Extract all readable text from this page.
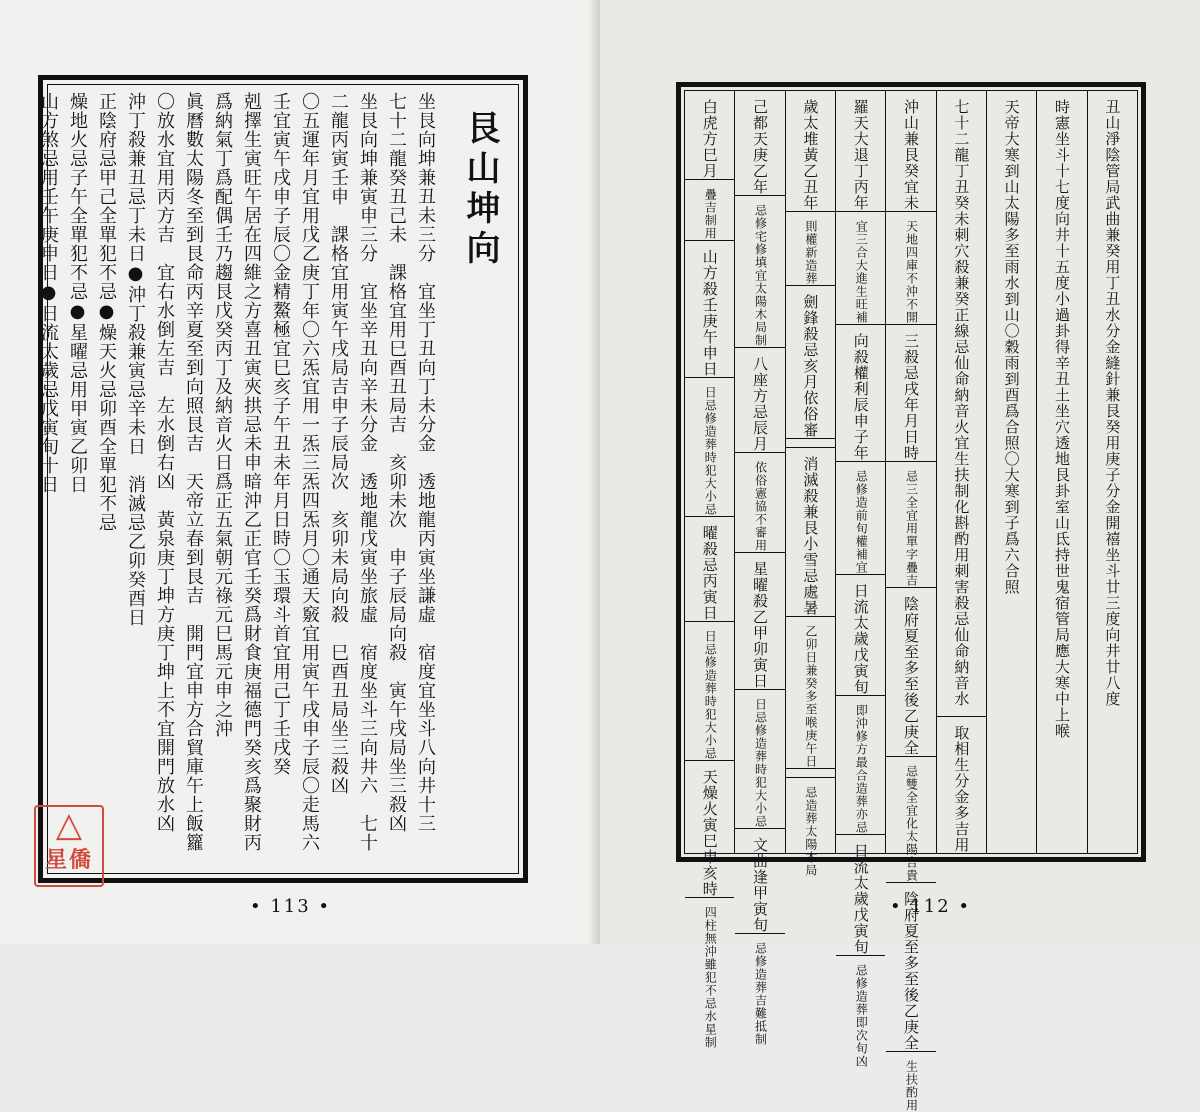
艮山坤向
坐艮向坤兼丑未三分　宜坐丁丑向丁未分金　透地龍丙寅坐謙虛　宿度宜坐斗八向井十三
七十二龍癸丑己未　課格宜用巳酉丑局吉　亥卯未次　申子辰局向殺　寅午戌局坐三殺凶
坐艮向坤兼寅申三分　宜坐辛丑向辛未分金　透地龍戊寅坐旅虛　宿度坐斗三向井六　七十
二龍丙寅壬申　課格宜用寅午戌局吉申子辰局次　亥卯未局向殺　巳酉丑局坐三殺凶
〇五運年月宜用戊乙庚丁年〇六炁宜用一炁三炁四炁月〇通天竅宜用寅午戌申子辰〇走馬六
壬宜寅午戌申子辰〇金精鰲極宜巳亥子午丑未年月日時〇玉環斗首宜用己丁壬戌癸
剋擇生寅旺午居在四維之方喜丑寅夾拱忌未申暗沖乙正官壬癸爲財食庚福德門癸亥爲聚財丙
爲納氣丁爲配偶壬乃趨艮戊癸丙丁及納音火日爲正五氣朝元祿元巳馬元申之沖
眞曆數太陽冬至到艮命丙辛夏至到向照艮吉　天帝立春到艮吉　開門宜申方合貿庫午上飯籮
〇放水宜用丙方吉　宜右水倒左吉　左水倒右凶　黃泉庚丁坤方庚丁坤上不宜開門放水凶
沖丁殺兼丑忌丁未日●沖丁殺兼寅忌辛未日　消滅忌乙卯癸酉日
正陰府忌甲己全單犯不忌●燥天火忌卯酉全單犯不忌
燥地火忌子午全單犯不忌●星曜忌用甲寅乙卯日
山方煞忌用壬午庚申日●日流太歲忌戊寅旬十日
• 113 •
△
星僑
丑山淨陰管局武曲兼癸用丁丑水分金縫針兼艮癸用庚子分金開禧坐斗廿三度向井廿八度
時憲坐斗十七度向井十五度小過卦得辛丑土坐穴透地艮卦室山氐持世鬼宿管局應大寒中上喉
天帝大寒到山太陽多至雨水到山〇穀雨到酉爲合照〇大寒到子爲六合照
七十二龍丁丑癸未刺穴殺兼癸正線忌仙命納音火宜生扶制化斟酌用刺害殺忌仙命納音水
取相生分金多吉用
沖山兼艮癸宜未
天地四庫不沖不開
三殺忌戌年月日時
忌三全宜用單字疊吉
陰府夏至多至後乙庚全
忌雙全宜化太陽合貴
陰府夏至多至後乙庚全
生扶酌用
羅天大退丁丙年
宜三合大進生旺補
向殺權利辰申子年
忌修造前旬權補宜
日流太歲戊寅旬
即沖修方最合造葬亦忌
日流太歲戊寅旬
忌修造葬即次旬凶
歲太堆黃乙丑年
則權新造葬
劍鋒殺忌亥月依俗審
消滅殺兼艮小雪忌處暑
乙卯日兼癸多至喉庚午日
忌造葬太陽木局
己都天庚乙年
忌修宅修填宜太陽木局制
八座方忌辰月
依俗憲協不審用
星曜殺乙甲卯寅日
日忌修造葬時犯大小忌
文曲逢甲寅旬
忌修造葬吉難抵制
白虎方巳月
疊吉制用
山方殺壬庚午申日
日忌修造葬時犯大小忌
曜殺忌丙寅日
日忌修造葬時犯大小忌
天燥火寅巳申亥時
四柱無沖雖犯不忌水星制	• 112 •
